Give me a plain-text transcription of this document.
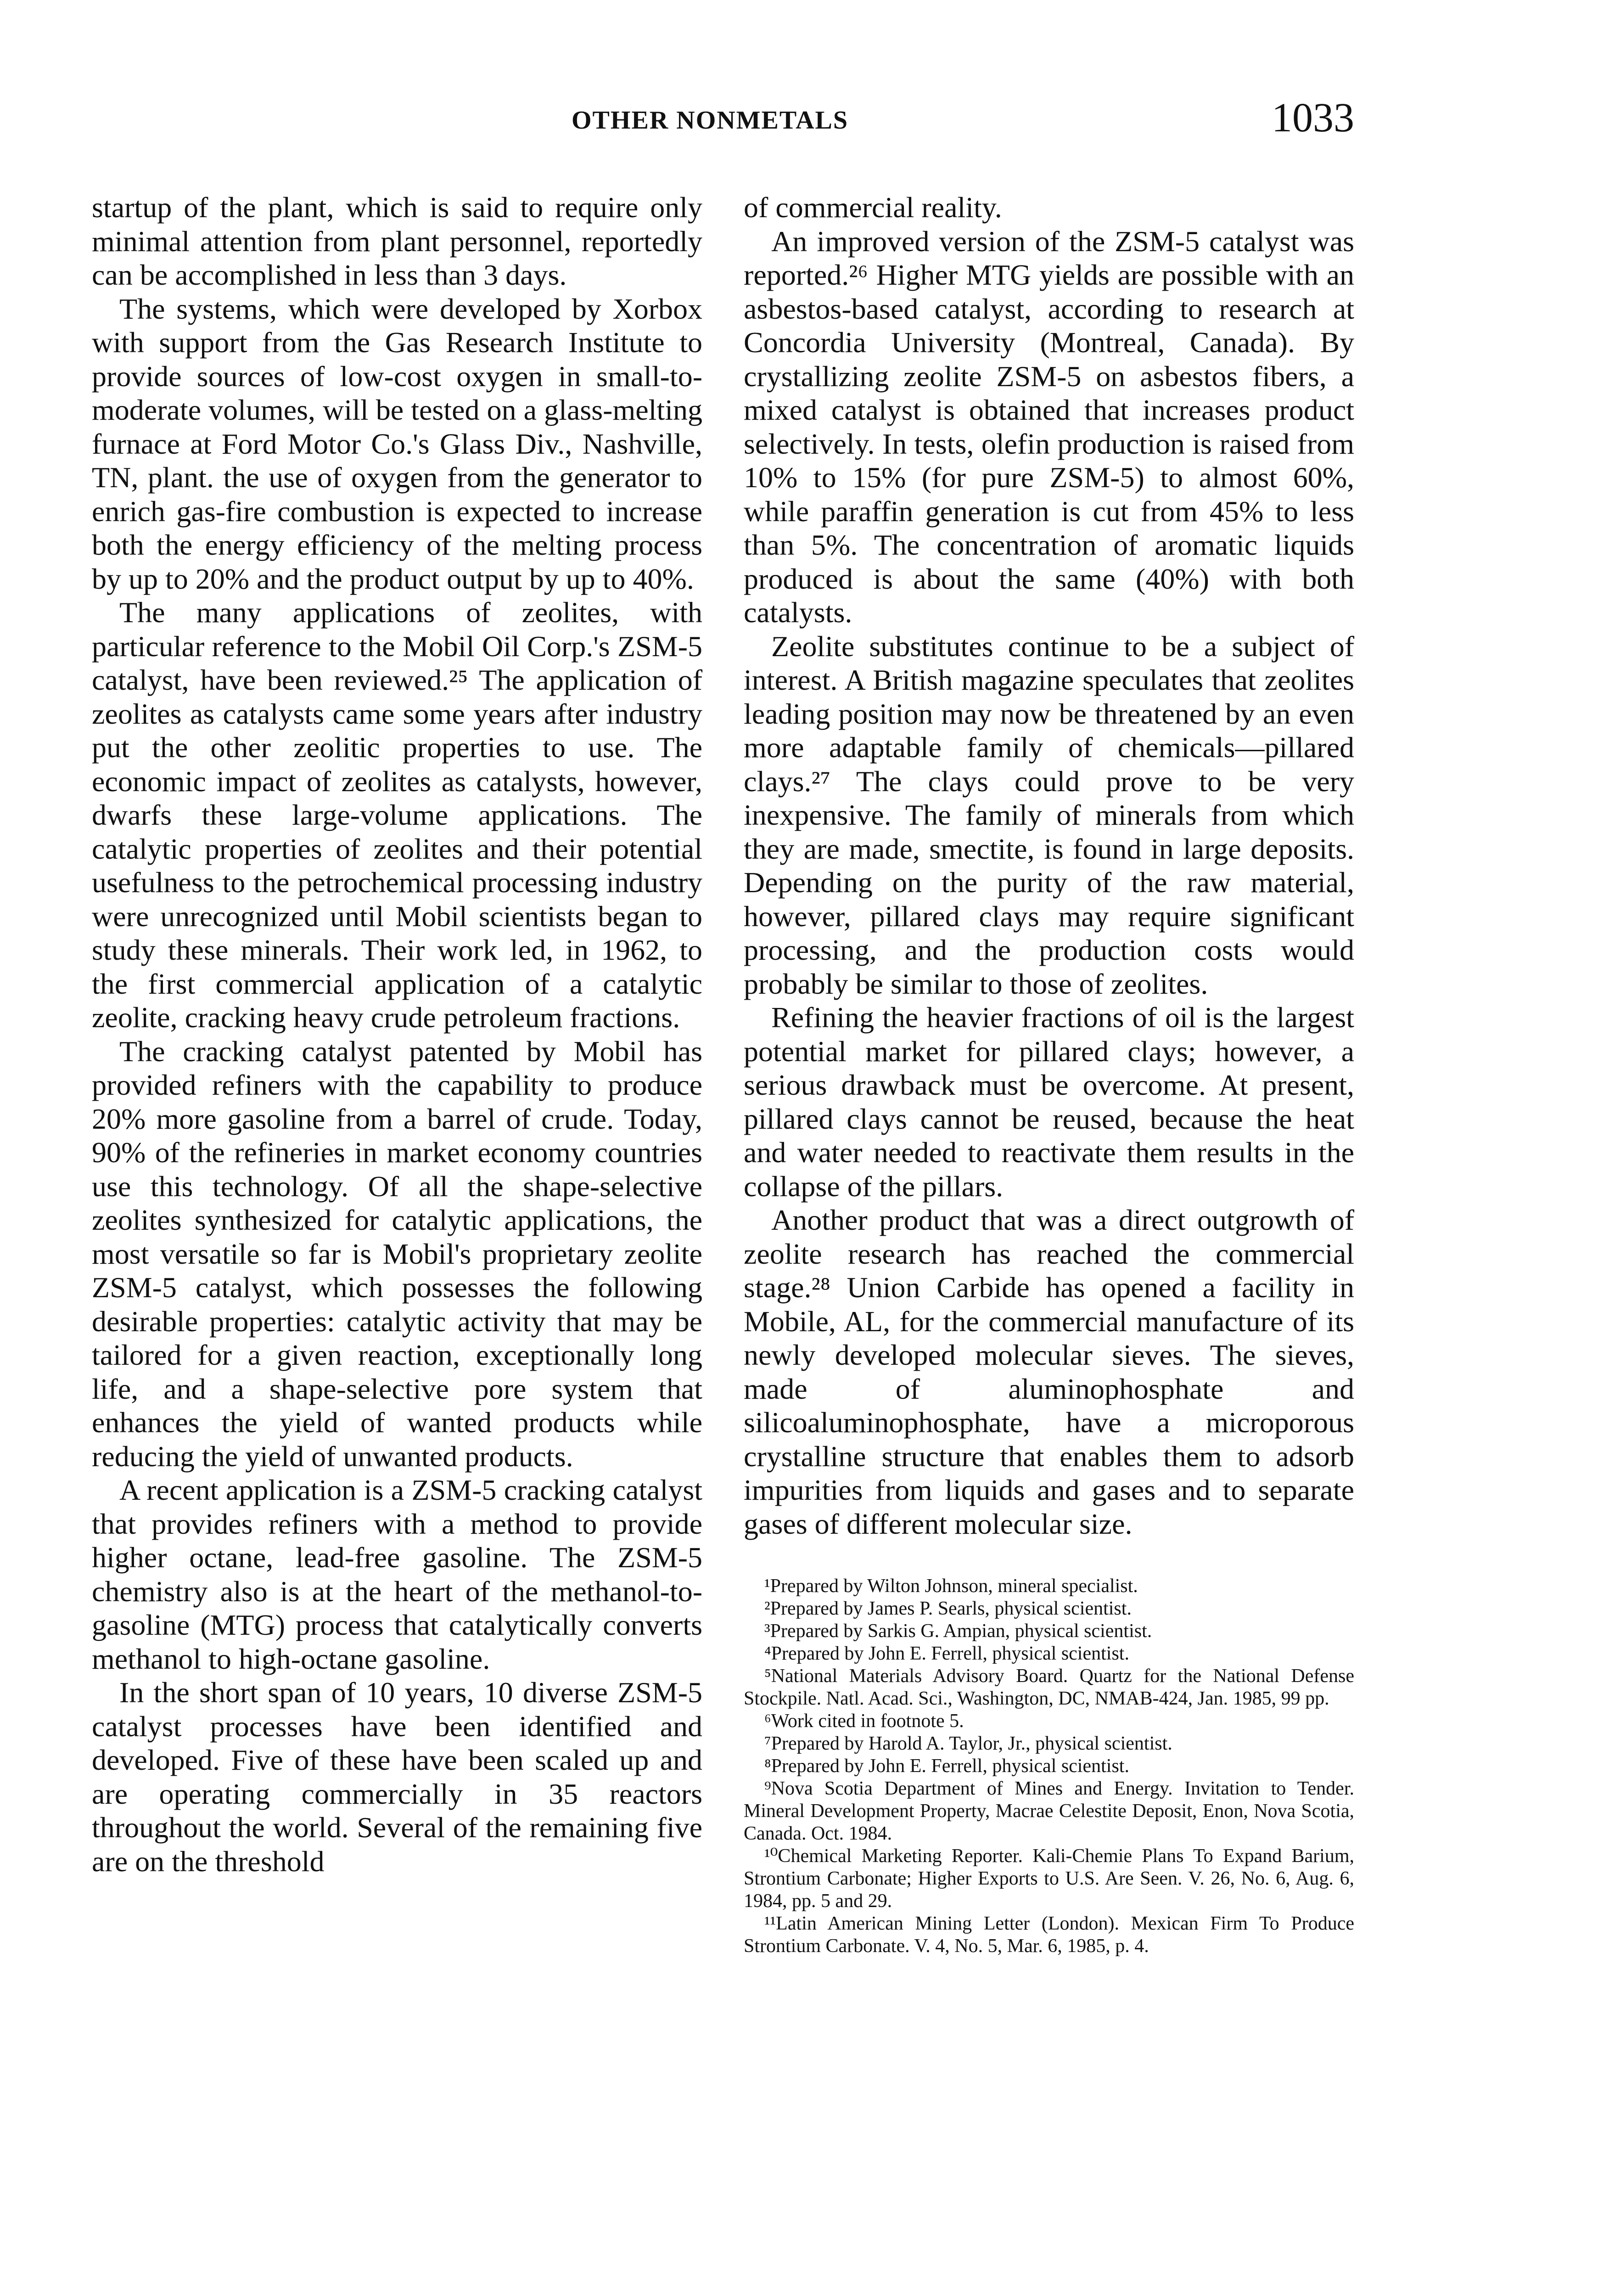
OTHER NONMETALS	1033

startup of the plant, which is said to require only minimal attention from plant personnel, reportedly can be accomplished in less than 3 days.

The systems, which were developed by Xorbox with support from the Gas Research Institute to provide sources of low-cost oxygen in small-to-moderate volumes, will be tested on a glass-melting furnace at Ford Motor Co.'s Glass Div., Nashville, TN, plant. the use of oxygen from the generator to enrich gas-fire combustion is expected to increase both the energy efficiency of the melting process by up to 20% and the product output by up to 40%.

The many applications of zeolites, with particular reference to the Mobil Oil Corp.'s ZSM-5 catalyst, have been reviewed.²⁵ The application of zeolites as catalysts came some years after industry put the other zeolitic properties to use. The economic impact of zeolites as catalysts, however, dwarfs these large-volume applications. The catalytic properties of zeolites and their potential usefulness to the petrochemical processing industry were unrecognized until Mobil scientists began to study these minerals. Their work led, in 1962, to the first commercial application of a catalytic zeolite, cracking heavy crude petroleum fractions.

The cracking catalyst patented by Mobil has provided refiners with the capability to produce 20% more gasoline from a barrel of crude. Today, 90% of the refineries in market economy countries use this technology. Of all the shape-selective zeolites synthesized for catalytic applications, the most versatile so far is Mobil's proprietary zeolite ZSM-5 catalyst, which possesses the following desirable properties: catalytic activity that may be tailored for a given reaction, exceptionally long life, and a shape-selective pore system that enhances the yield of wanted products while reducing the yield of unwanted products.

A recent application is a ZSM-5 cracking catalyst that provides refiners with a method to provide higher octane, lead-free gasoline. The ZSM-5 chemistry also is at the heart of the methanol-to-gasoline (MTG) process that catalytically converts methanol to high-octane gasoline.

In the short span of 10 years, 10 diverse ZSM-5 catalyst processes have been identified and developed. Five of these have been scaled up and are operating commercially in 35 reactors throughout the world. Several of the remaining five are on the threshold

of commercial reality.

An improved version of the ZSM-5 catalyst was reported.²⁶ Higher MTG yields are possible with an asbestos-based catalyst, according to research at Concordia University (Montreal, Canada). By crystallizing zeolite ZSM-5 on asbestos fibers, a mixed catalyst is obtained that increases product selectively. In tests, olefin production is raised from 10% to 15% (for pure ZSM-5) to almost 60%, while paraffin generation is cut from 45% to less than 5%. The concentration of aromatic liquids produced is about the same (40%) with both catalysts.

Zeolite substitutes continue to be a subject of interest. A British magazine speculates that zeolites leading position may now be threatened by an even more adaptable family of chemicals—pillared clays.²⁷ The clays could prove to be very inexpensive. The family of minerals from which they are made, smectite, is found in large deposits. Depending on the purity of the raw material, however, pillared clays may require significant processing, and the production costs would probably be similar to those of zeolites.

Refining the heavier fractions of oil is the largest potential market for pillared clays; however, a serious drawback must be overcome. At present, pillared clays cannot be reused, because the heat and water needed to reactivate them results in the collapse of the pillars.

Another product that was a direct outgrowth of zeolite research has reached the commercial stage.²⁸ Union Carbide has opened a facility in Mobile, AL, for the commercial manufacture of its newly developed molecular sieves. The sieves, made of aluminophosphate and silicoaluminophosphate, have a microporous crystalline structure that enables them to adsorb impurities from liquids and gases and to separate gases of different molecular size.

¹Prepared by Wilton Johnson, mineral specialist.

²Prepared by James P. Searls, physical scientist.

³Prepared by Sarkis G. Ampian, physical scientist.

⁴Prepared by John E. Ferrell, physical scientist.

⁵National Materials Advisory Board. Quartz for the National Defense Stockpile. Natl. Acad. Sci., Washington, DC, NMAB-424, Jan. 1985, 99 pp.

⁶Work cited in footnote 5.

⁷Prepared by Harold A. Taylor, Jr., physical scientist.

⁸Prepared by John E. Ferrell, physical scientist.

⁹Nova Scotia Department of Mines and Energy. Invitation to Tender. Mineral Development Property, Macrae Celestite Deposit, Enon, Nova Scotia, Canada. Oct. 1984.

¹⁰Chemical Marketing Reporter. Kali-Chemie Plans To Expand Barium, Strontium Carbonate; Higher Exports to U.S. Are Seen. V. 26, No. 6, Aug. 6, 1984, pp. 5 and 29.

¹¹Latin American Mining Letter (London). Mexican Firm To Produce Strontium Carbonate. V. 4, No. 5, Mar. 6, 1985, p. 4.
